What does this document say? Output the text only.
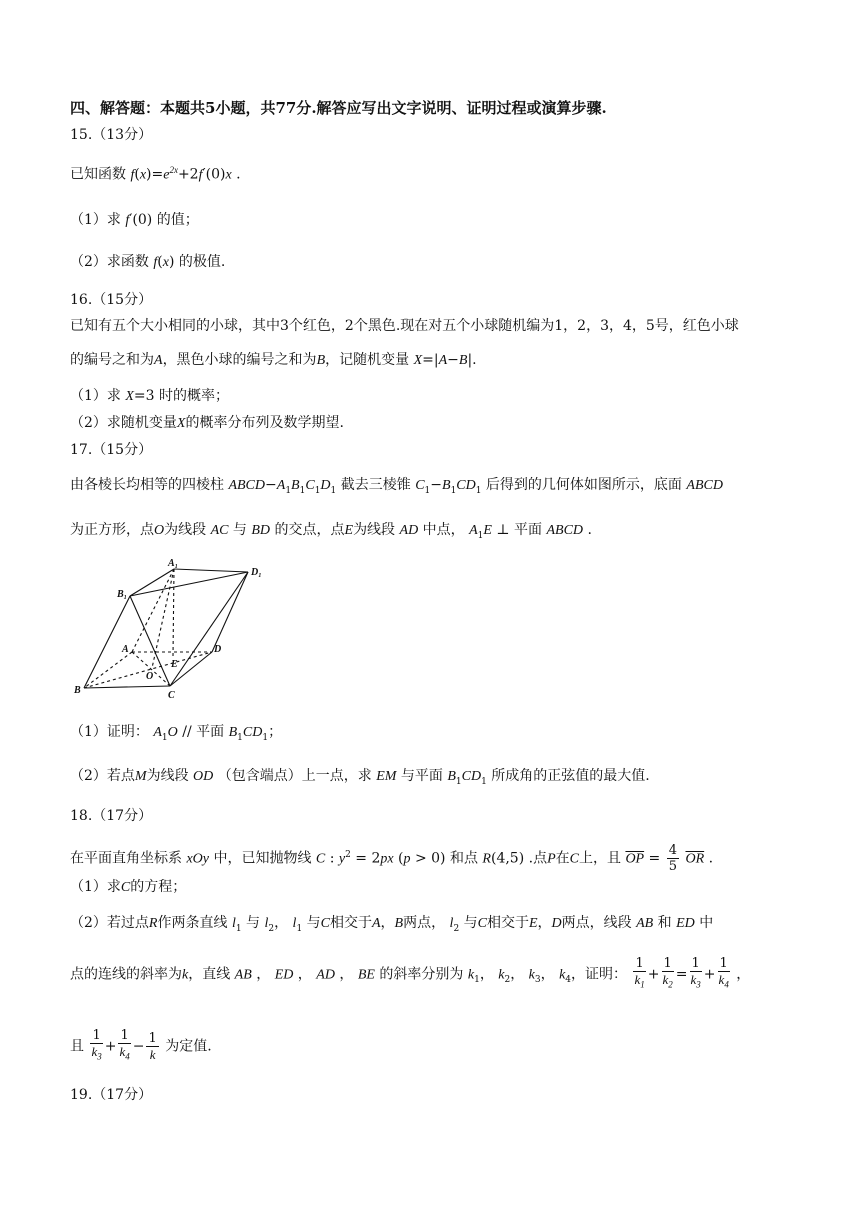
四、解答题：本题共5小题，共77分.解答应写出文字说明、证明过程或演算步骤.
15.（13分）
已知函数 $f(x)=e^{2x}+2f'(0)x$ .
（1）求 f′(0) 的值；
（2）求函数 f(x) 的极值.
16.（15分）
已知有五个大小相同的小球，其中3个红色，2个黑色.现在对五个小球随机编为1，2，3，4，5号，红色小球
的编号之和为A，黑色小球的编号之和为B，记随机变量 X=|A−B|.
（1）求 X=3 时的概率；
（2）求随机变量X的概率分布列及数学期望.
17.（15分）
由各棱长均相等的四棱柱 $ABCD-A_1B_1C_1D_1$ 截去三棱锥 $C_1-B_1CD_1$ 后得到的几何体如图所示，底面 ABCD
为正方形，点O为线段 AC 与 BD 的交点，点E为线段 AD 中点， $A_1E$ ⊥ 平面 ABCD .
A₁
D₁
B₁
A
E
D
O
B	C
（1）证明： $A_1O$ // 平面 $B_1CD_1$；
（2）若点M为线段 OD （包含端点）上一点，求 EM 与平面 $B_1CD_1$ 所成角的正弦值的最大值.
18.（17分）
在平面直角坐标系 xOy 中，已知抛物线 C : $y^2 = 2px$ (p > 0) 和点 R(4,5) .点P在C上，且 $\overline{OP} = \frac{4}{5} \overline{OR}$ .
（1）求C的方程；
（2）若过点R作两条直线 $l_1$ 与 $l_2$， $l_1$ 与C相交于A，B两点， $l_2$ 与C相交于E，D两点，线段 AB 和 ED 中
点的连线的斜率为k，直线 AB ， ED ， AD ， BE 的斜率分别为 $k_1$， $k_2$， $k_3$， $k_4$，证明： $\frac{1}{k_1} + \frac{1}{k_2} = \frac{1}{k_3} + \frac{1}{k_4}$ ，
且 $\frac{1}{k_3} + \frac{1}{k_4} - \frac{1}{k}$ 为定值.
19.（17分）
